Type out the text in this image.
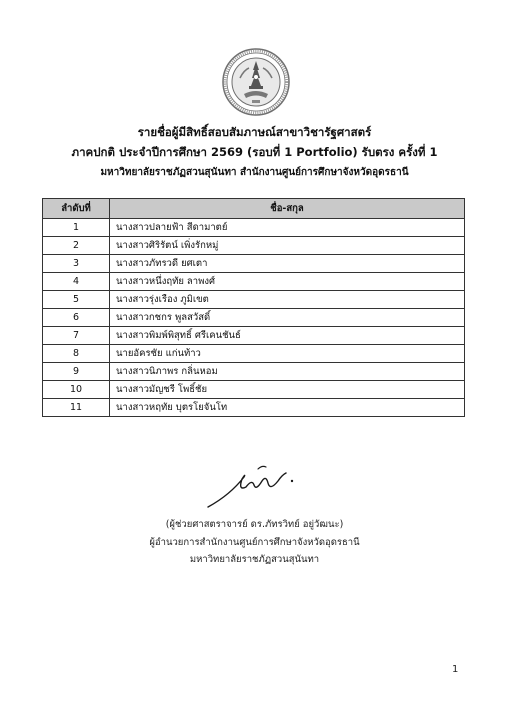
รายชื่อผู้มีสิทธิ์สอบสัมภาษณ์สาขาวิชารัฐศาสตร์
ภาคปกติ ประจำปีการศึกษา 2569 (รอบที่ 1 Portfolio) รับตรง ครั้งที่ 1
มหาวิทยาลัยราชภัฏสวนสุนันทา สำนักงานศูนย์การศึกษาจังหวัดอุดรธานี
ลำดับที่	ชื่อ-สกุล
1	นางสาวปลายฟ้า สีดามาตย์
2	นางสาวศิริรัตน์ เพิ่งรักหมู่
3	นางสาวภัทรวดี ยศเตา
4	นางสาวหนึ่งฤทัย ลาพงศ์
5	นางสาวรุ่งเรือง ภูมิเขต
6	นางสาวกชกร พูลสวัสดิ์
7	นางสาวพิมพ์พิสุทธิ์ ศรีเคนชันธ์
8	นายอัครชัย แก่นท้าว
9	นางสาวนิภาพร กลิ่นหอม
10	นางสาวมัญชรี โพธิ์ชัย
11	นางสาวหฤทัย บุตรโยจันโท
(ผู้ช่วยศาสตราจารย์ ดร.ภัทรวิทย์ อยู่วัฒนะ)
ผู้อำนวยการสำนักงานศูนย์การศึกษาจังหวัดอุดรธานี
มหาวิทยาลัยราชภัฏสวนสุนันทา
1
